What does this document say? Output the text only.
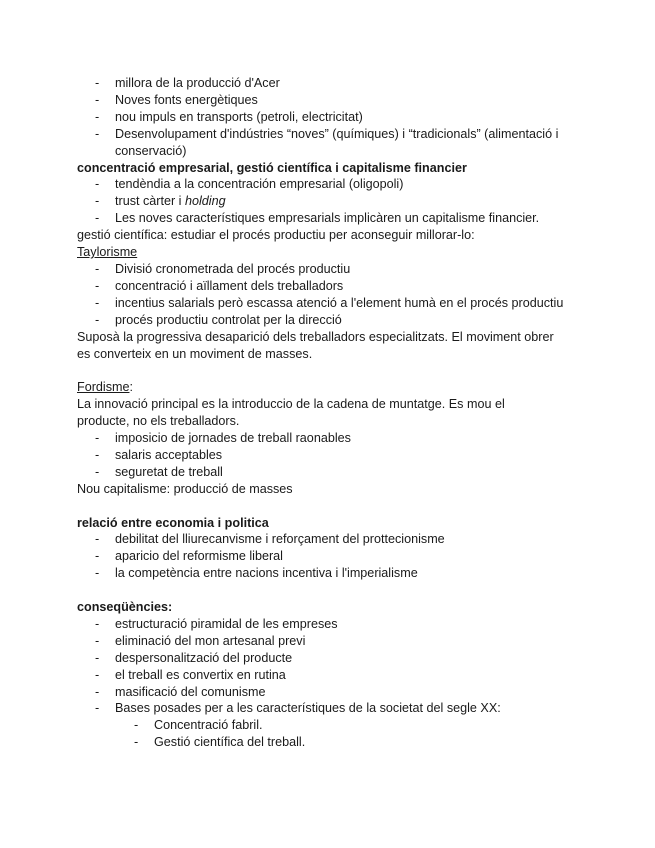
- millora de la producció d'Acer
- Noves fonts energètiques
- nou impuls en transports (petroli, electricitat)
- Desenvolupament d'indústries “noves” (químiques) i “tradicionals” (alimentació i conservació)

concentració empresarial, gestió científica i capitalisme financier

- tendèndia a la concentración empresarial (oligopoli)
- trust càrter i holding
- Les noves característiques empresarials implicàren un capitalisme financier.

gestió científica: estudiar el procés productiu per aconseguir millorar-lo:

Taylorisme

- Divisió cronometrada del procés productiu
- concentració i aïllament dels treballadors
- incentius salarials però escassa atenció a l'element humà en el procés productiu
- procés productiu controlat per la direcció

Suposà la progressiva desaparició dels treballadors especialitzats. El moviment obrer es converteix en un moviment de masses.

Fordisme:

La innovació principal es la introduccio de la cadena de muntatge. Es mou el producte, no els treballadors.

- imposicio de jornades de treball raonables
- salaris acceptables
- seguretat de treball

Nou capitalisme: producció de masses

relació entre economia i politica

- debilitat del lliurecanvisme i reforçament del prottecionisme
- aparicio del reformisme liberal
- la competència entre nacions incentiva i l'imperialisme

conseqüències:

- estructuració piramidal de les empreses
- eliminació del mon artesanal previ
- despersonalització del producte
- el treball es convertix en rutina
- masificació del comunisme
- Bases posades per a les característiques de la societat del segle XX:
- Concentració fabril.
- Gestió científica del treball.
